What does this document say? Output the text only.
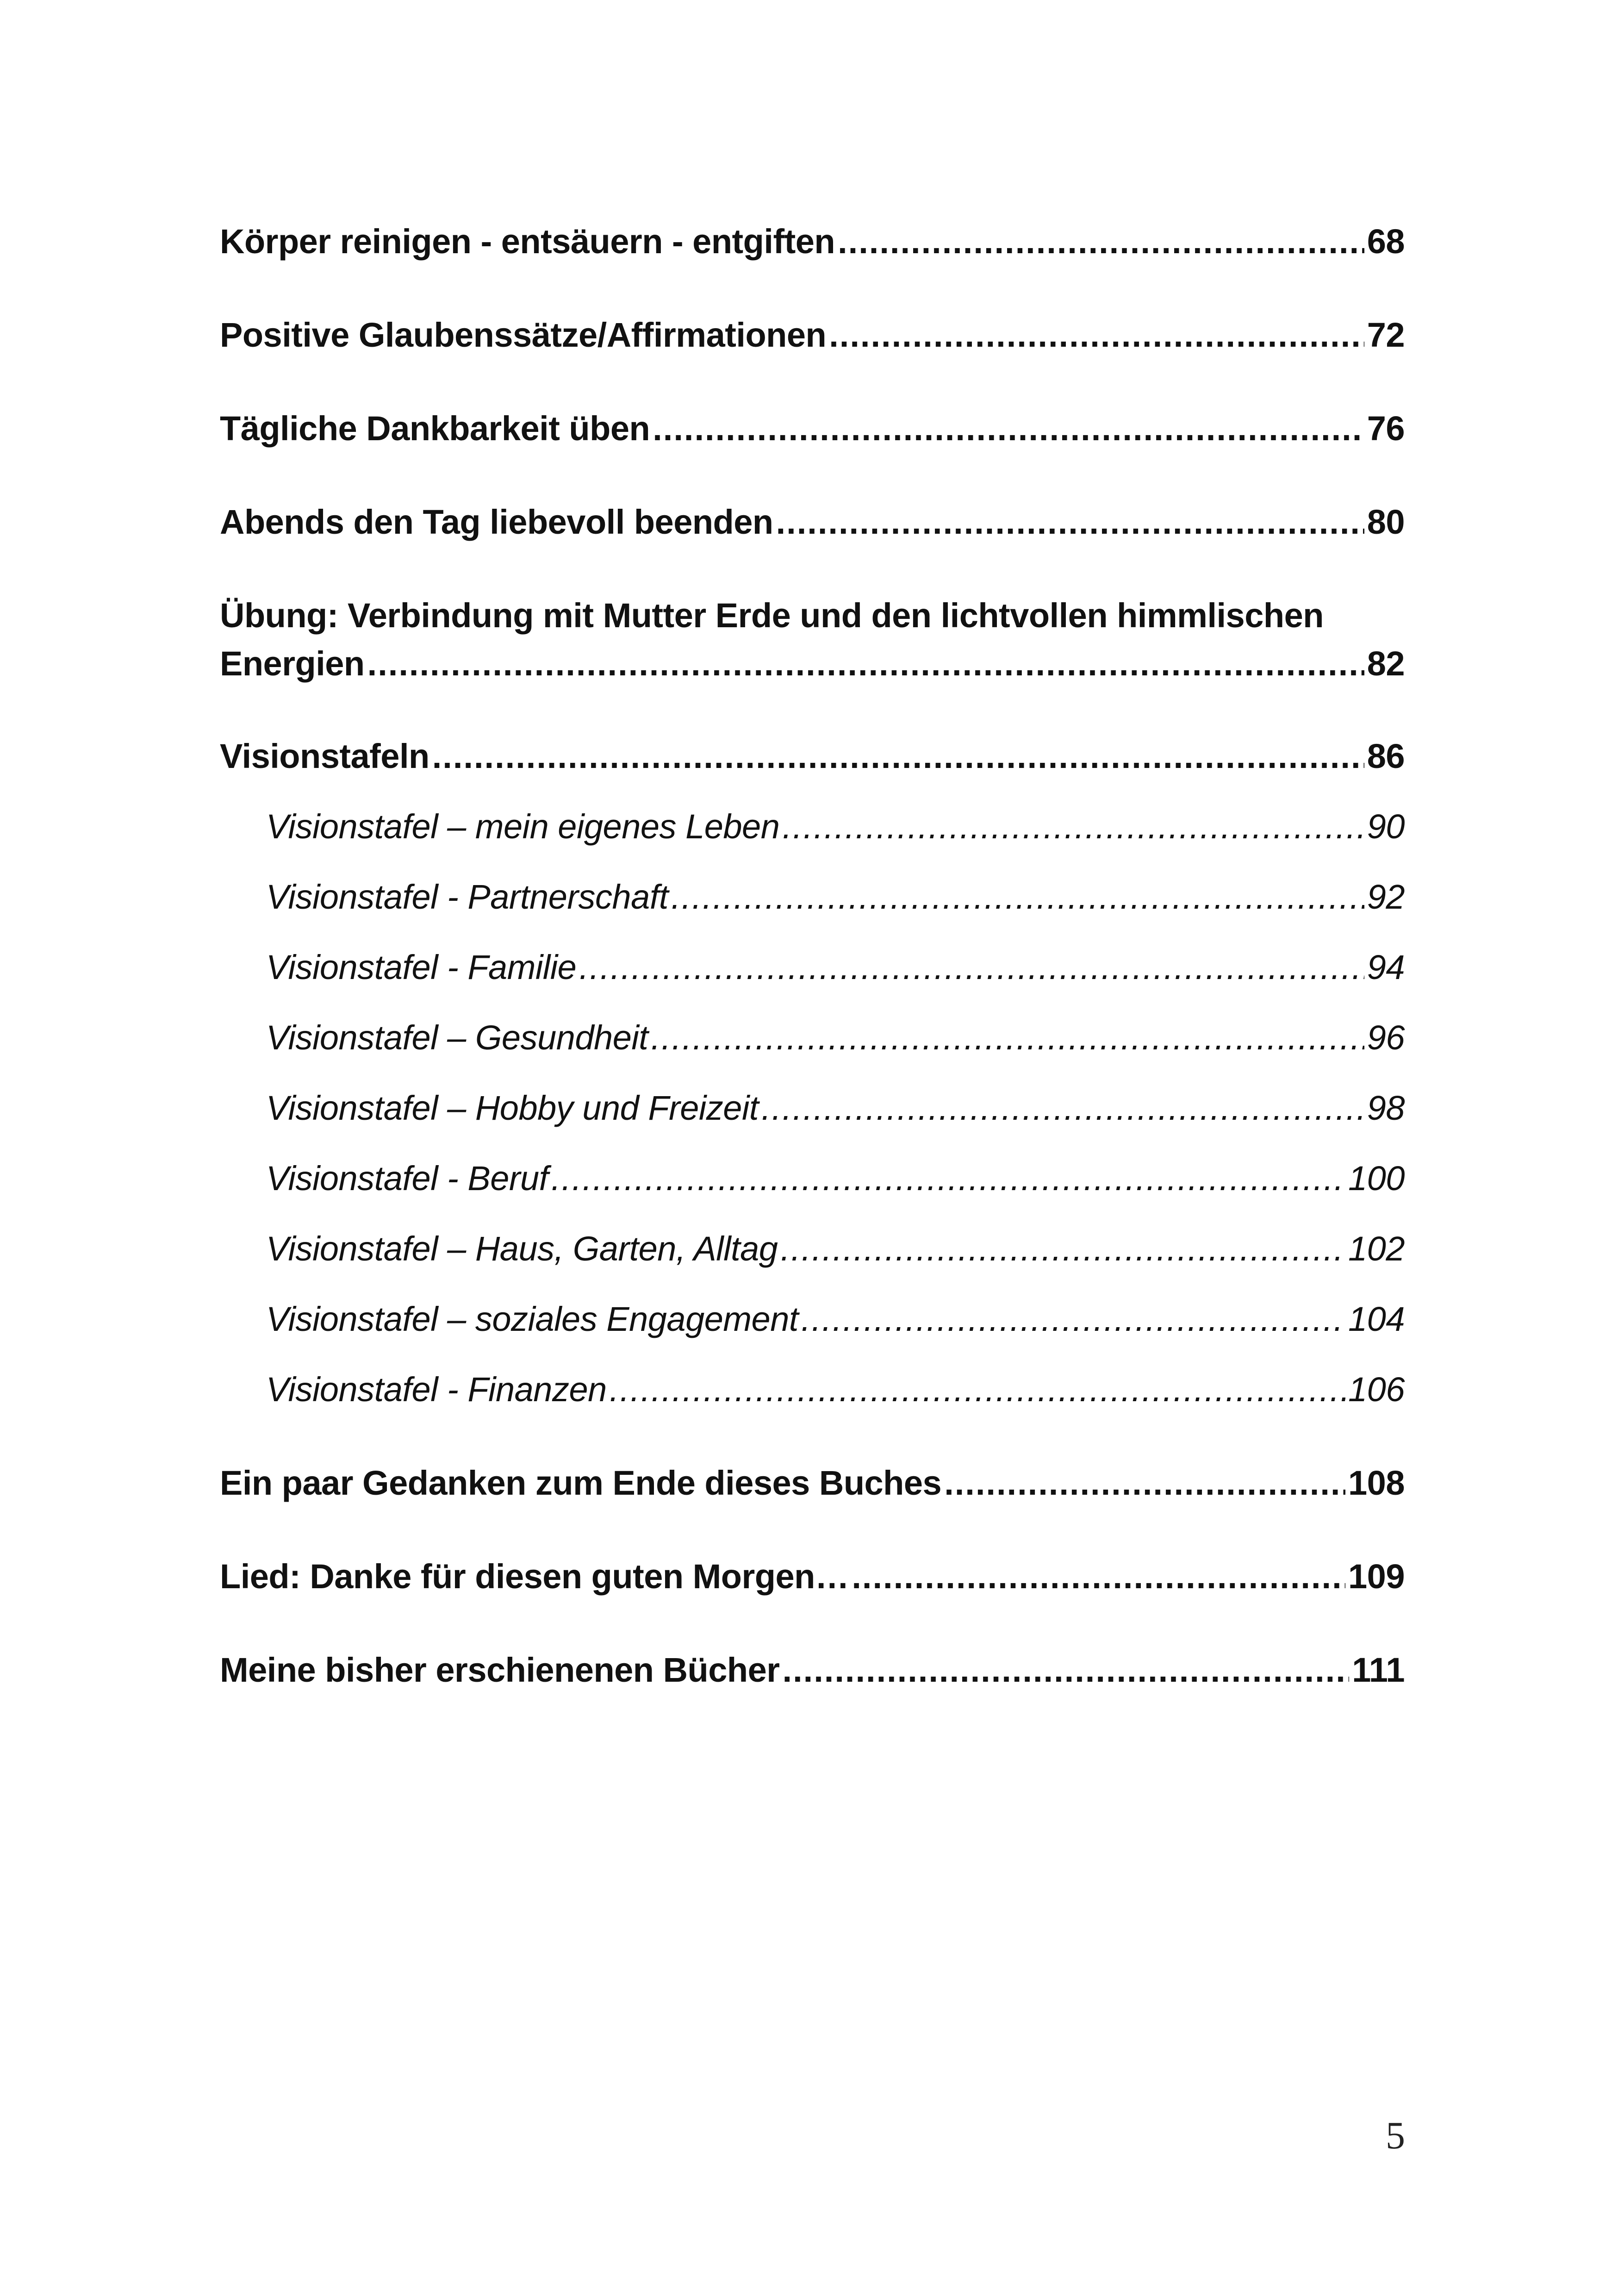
Körper reinigen - entsäuern - entgiften .....	68
Positive Glaubenssätze/Affirmationen .....	72
Tägliche Dankbarkeit üben .....	76
Abends den Tag liebevoll beenden .....	80
Übung: Verbindung mit Mutter Erde und den lichtvollen himmlischen
Energien .....	82
Visionstafeln .....	86
Visionstafel – mein eigenes Leben .....	90
Visionstafel - Partnerschaft .....	92
Visionstafel - Familie .....	94
Visionstafel – Gesundheit .....	96
Visionstafel – Hobby und Freizeit .....	98
Visionstafel - Beruf .....	100
Visionstafel – Haus, Garten, Alltag .....	102
Visionstafel – soziales Engagement .....	104
Visionstafel - Finanzen .....	106
Ein paar Gedanken zum Ende dieses Buches .....	108
Lied: Danke für diesen guten Morgen… .....	109
Meine bisher erschienenen Bücher .....	111
5
